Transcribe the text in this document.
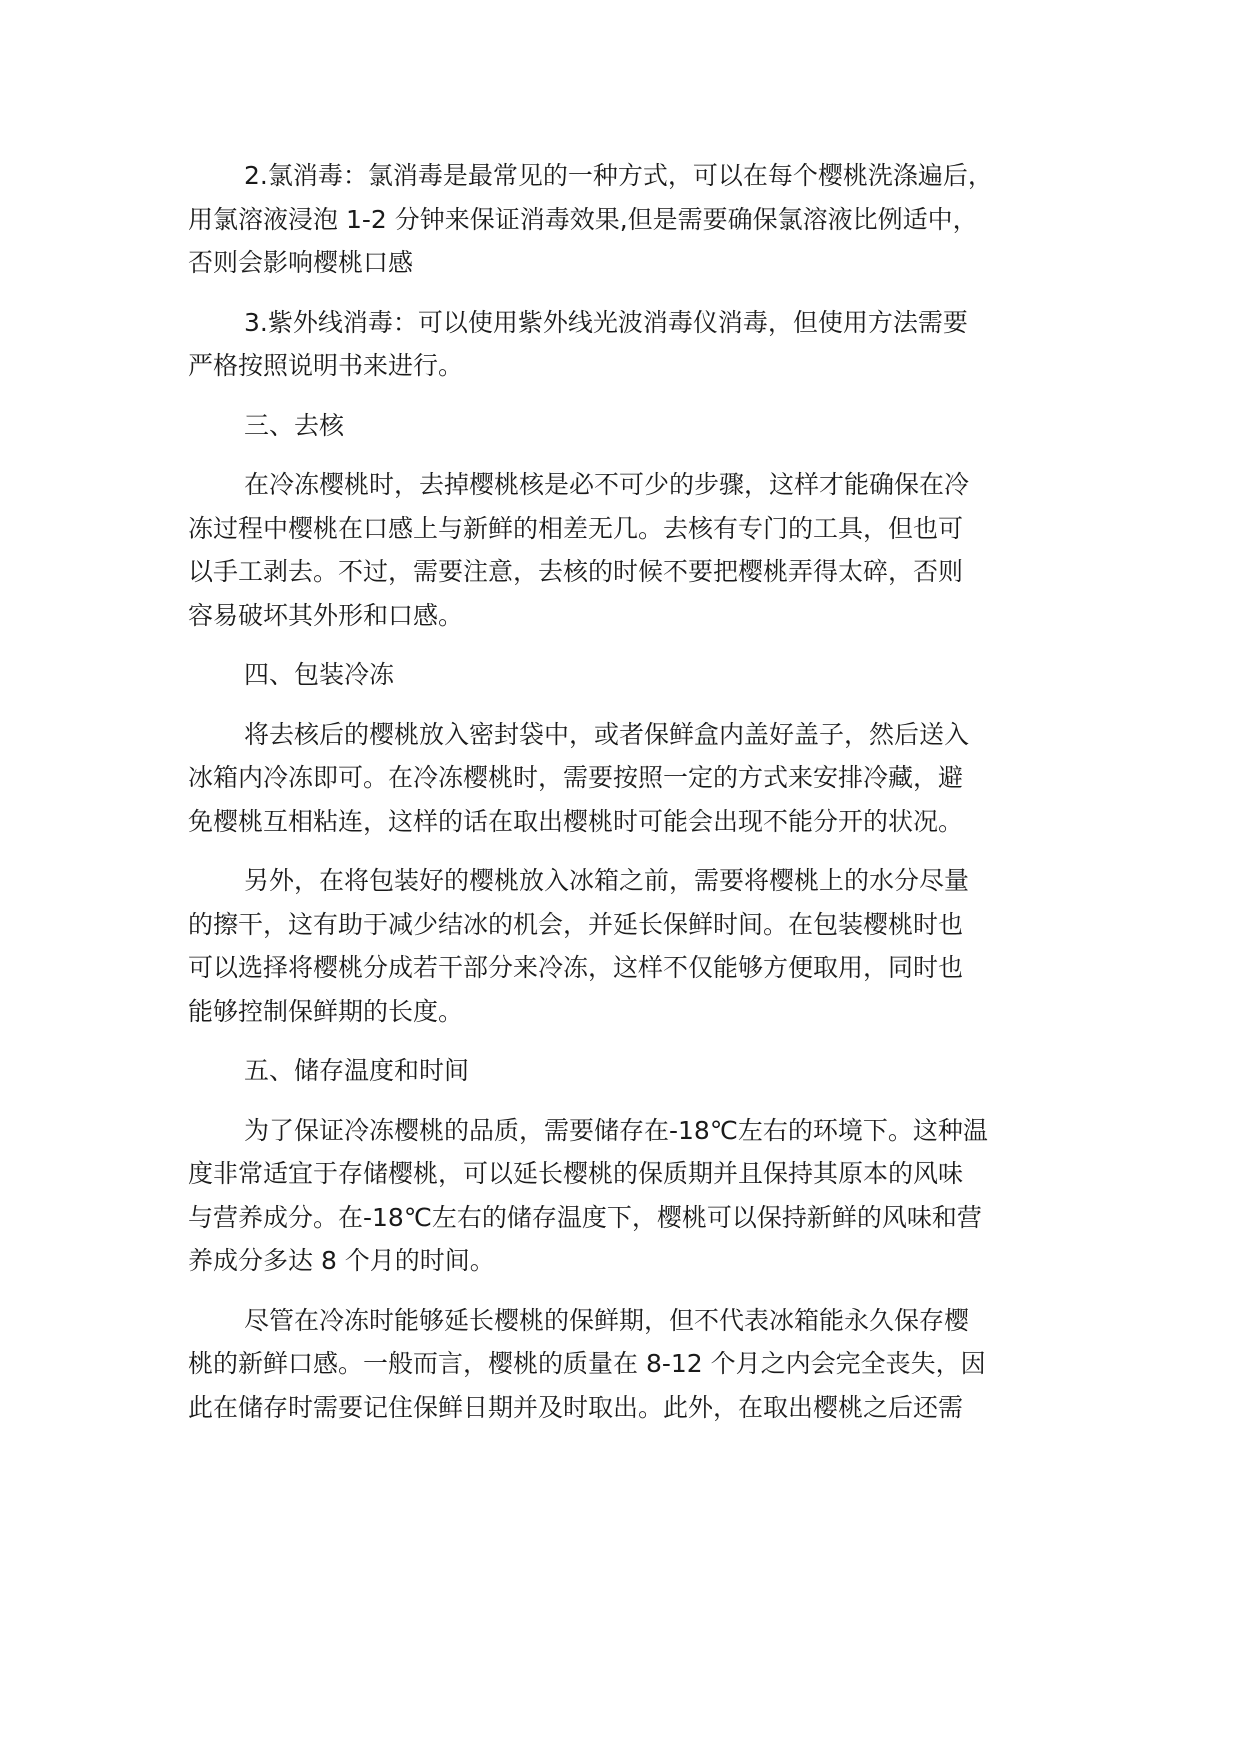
2.氯消毒：氯消毒是最常见的一种方式，可以在每个樱桃洗涤遍后，
用氯溶液浸泡 1-2 分钟来保证消毒效果,但是需要确保氯溶液比例适中，
否则会影响樱桃口感

3.紫外线消毒：可以使用紫外线光波消毒仪消毒，但使用方法需要
严格按照说明书来进行。

三、去核

在冷冻樱桃时，去掉樱桃核是必不可少的步骤，这样才能确保在冷
冻过程中樱桃在口感上与新鲜的相差无几。去核有专门的工具，但也可
以手工剥去。不过，需要注意，去核的时候不要把樱桃弄得太碎，否则
容易破坏其外形和口感。

四、包装冷冻

将去核后的樱桃放入密封袋中，或者保鲜盒内盖好盖子，然后送入
冰箱内冷冻即可。在冷冻樱桃时，需要按照一定的方式来安排冷藏，避
免樱桃互相粘连，这样的话在取出樱桃时可能会出现不能分开的状况。

另外，在将包装好的樱桃放入冰箱之前，需要将樱桃上的水分尽量
的擦干，这有助于减少结冰的机会，并延长保鲜时间。在包装樱桃时也
可以选择将樱桃分成若干部分来冷冻，这样不仅能够方便取用，同时也
能够控制保鲜期的长度。

五、储存温度和时间

为了保证冷冻樱桃的品质，需要储存在-18℃左右的环境下。这种温
度非常适宜于存储樱桃，可以延长樱桃的保质期并且保持其原本的风味
与营养成分。在-18℃左右的储存温度下，樱桃可以保持新鲜的风味和营
养成分多达 8 个月的时间。

尽管在冷冻时能够延长樱桃的保鲜期，但不代表冰箱能永久保存樱
桃的新鲜口感。一般而言，樱桃的质量在 8-12 个月之内会完全丧失，因
此在储存时需要记住保鲜日期并及时取出。此外，在取出樱桃之后还需
